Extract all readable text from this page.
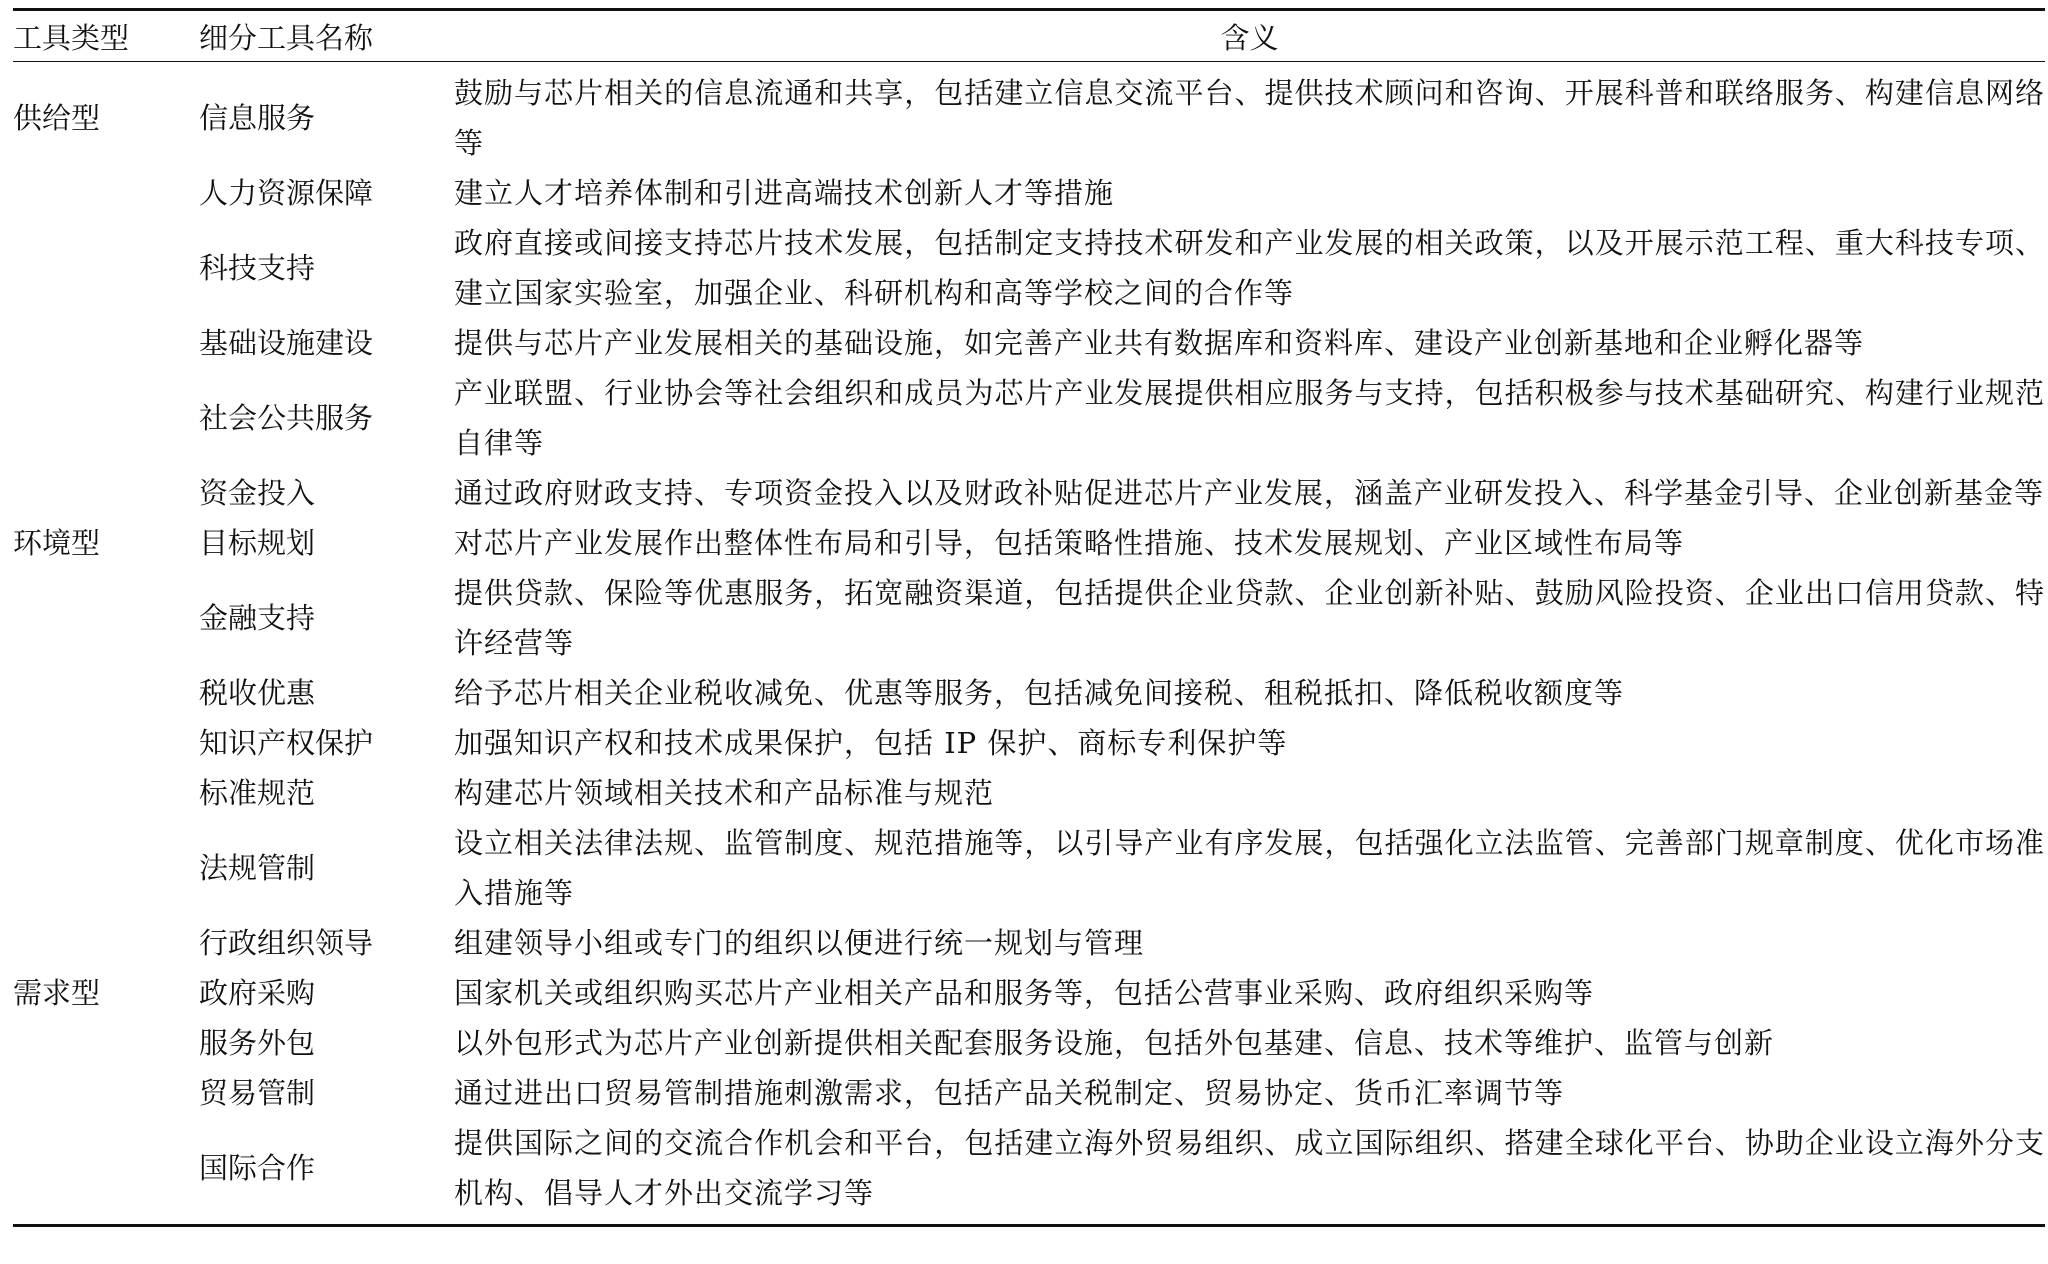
工具类型	细分工具名称	含义
供给型	信息服务	鼓励与芯片相关的信息流通和共享，包括建立信息交流平台、提供技术顾问和咨询、开展科普和联络服务、构建信息网络等
	人力资源保障	建立人才培养体制和引进高端技术创新人才等措施
	科技支持	政府直接或间接支持芯片技术发展，包括制定支持技术研发和产业发展的相关政策，以及开展示范工程、重大科技专项、建立国家实验室，加强企业、科研机构和高等学校之间的合作等
	基础设施建设	提供与芯片产业发展相关的基础设施，如完善产业共有数据库和资料库、建设产业创新基地和企业孵化器等
	社会公共服务	产业联盟、行业协会等社会组织和成员为芯片产业发展提供相应服务与支持，包括积极参与技术基础研究、构建行业规范自律等
	资金投入	通过政府财政支持、专项资金投入以及财政补贴促进芯片产业发展，涵盖产业研发投入、科学基金引导、企业创新基金等
环境型	目标规划	对芯片产业发展作出整体性布局和引导，包括策略性措施、技术发展规划、产业区域性布局等
	金融支持	提供贷款、保险等优惠服务，拓宽融资渠道，包括提供企业贷款、企业创新补贴、鼓励风险投资、企业出口信用贷款、特许经营等
	税收优惠	给予芯片相关企业税收减免、优惠等服务，包括减免间接税、租税抵扣、降低税收额度等
	知识产权保护	加强知识产权和技术成果保护，包括 IP 保护、商标专利保护等
	标准规范	构建芯片领域相关技术和产品标准与规范
	法规管制	设立相关法律法规、监管制度、规范措施等，以引导产业有序发展，包括强化立法监管、完善部门规章制度、优化市场准入措施等
	行政组织领导	组建领导小组或专门的组织以便进行统一规划与管理
需求型	政府采购	国家机关或组织购买芯片产业相关产品和服务等，包括公营事业采购、政府组织采购等
	服务外包	以外包形式为芯片产业创新提供相关配套服务设施，包括外包基建、信息、技术等维护、监管与创新
	贸易管制	通过进出口贸易管制措施刺激需求，包括产品关税制定、贸易协定、货币汇率调节等
	国际合作	提供国际之间的交流合作机会和平台，包括建立海外贸易组织、成立国际组织、搭建全球化平台、协助企业设立海外分支机构、倡导人才外出交流学习等
